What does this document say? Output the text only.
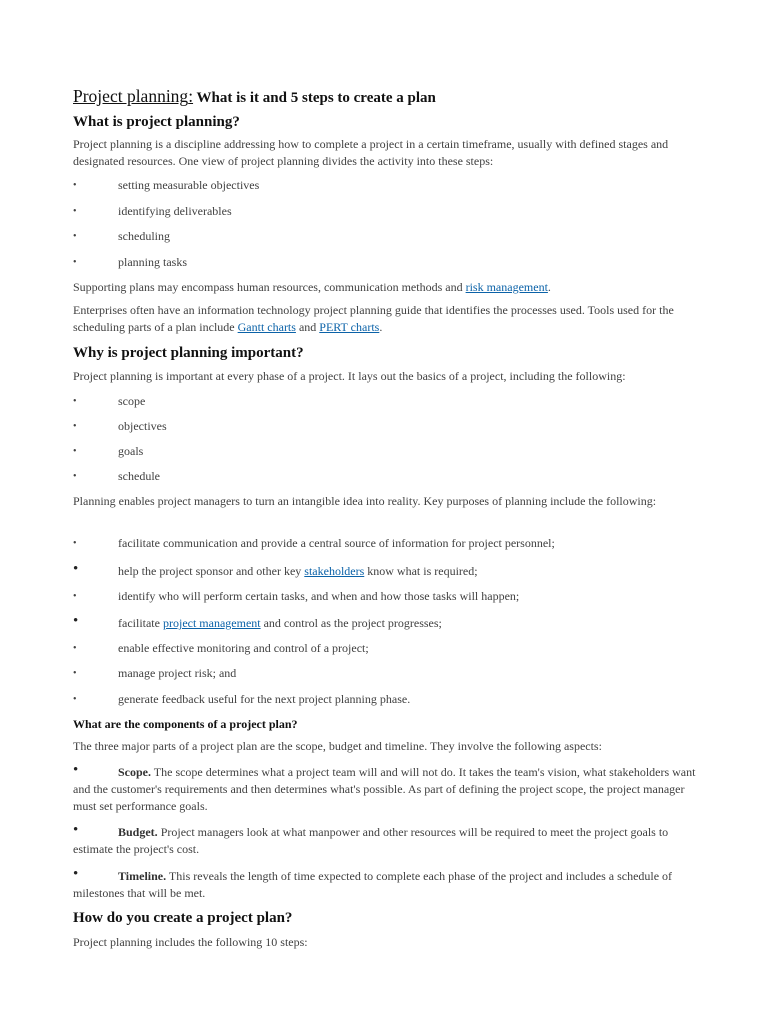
Project planning: What is it and 5 steps to create a plan
What is project planning?

Project planning is a discipline addressing how to complete a project in a certain timeframe, usually with defined stages and designated resources. One view of project planning divides the activity into these steps:

•	setting measurable objectives
•	identifying deliverables
•	scheduling
•	planning tasks

Supporting plans may encompass human resources, communication methods and risk management.

Enterprises often have an information technology project planning guide that identifies the processes used. Tools used for the scheduling parts of a plan include Gantt charts and PERT charts.

Why is project planning important?

Project planning is important at every phase of a project. It lays out the basics of a project, including the following:

•	scope
•	objectives
•	goals
•	schedule

Planning enables project managers to turn an intangible idea into reality. Key purposes of planning include the following:

•	facilitate communication and provide a central source of information for project personnel;
•	help the project sponsor and other key stakeholders know what is required;
•	identify who will perform certain tasks, and when and how those tasks will happen;
•	facilitate project management and control as the project progresses;
•	enable effective monitoring and control of a project;
•	manage project risk; and
•	generate feedback useful for the next project planning phase.
What are the components of a project plan?

The three major parts of a project plan are the scope, budget and timeline. They involve the following aspects:

•	Scope. The scope determines what a project team will and will not do. It takes the team's vision, what stakeholders want and the customer's requirements and then determines what's possible. As part of defining the project scope, the project manager must set performance goals.

•	Budget. Project managers look at what manpower and other resources will be required to meet the project goals to estimate the project's cost.

•	Timeline. This reveals the length of time expected to complete each phase of the project and includes a schedule of milestones that will be met.

How do you create a project plan?

Project planning includes the following 10 steps:
